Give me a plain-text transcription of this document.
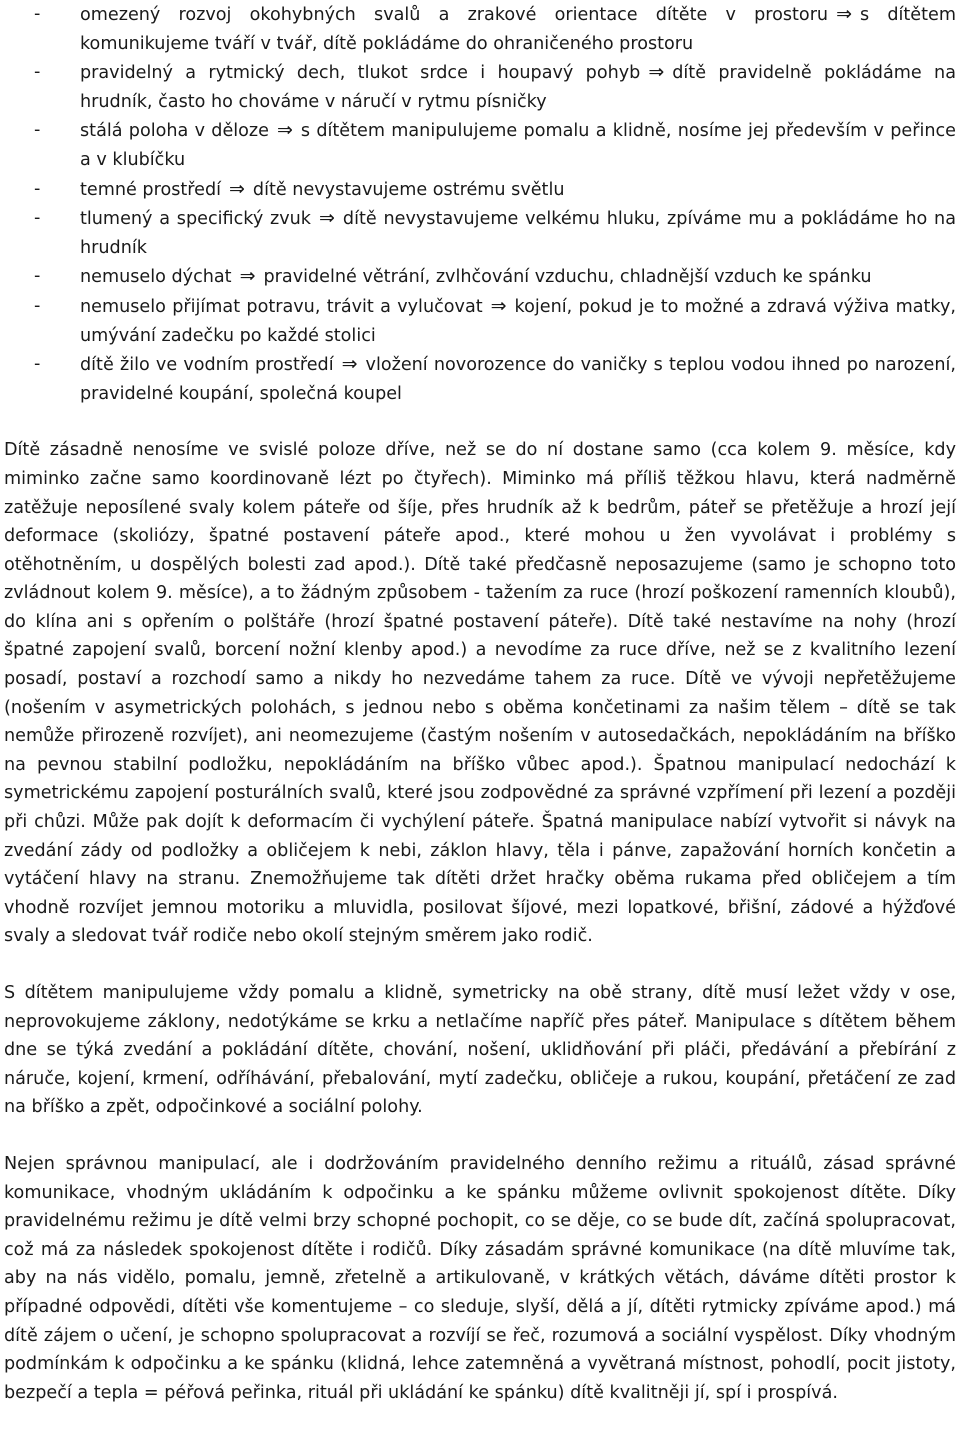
-	omezený rozvoj okohybných svalů a zrakové orientace dítěte v prostoru ⇒ s dítětem komunikujeme tváří v tvář, dítě pokládáme do ohraničeného prostoru
-	pravidelný a rytmický dech, tlukot srdce i houpavý pohyb ⇒ dítě pravidelně pokládáme na hrudník, často ho chováme v náručí v rytmu písničky
-	stálá poloha v děloze ⇒ s dítětem manipulujeme pomalu a klidně, nosíme jej především v peřince a v klubíčku
-	temné prostředí ⇒ dítě nevystavujeme ostrému světlu
-	tlumený a specifický zvuk ⇒ dítě nevystavujeme velkému hluku, zpíváme mu a pokládáme ho na hrudník
-	nemuselo dýchat ⇒ pravidelné větrání, zvlhčování vzduchu, chladnější vzduch ke spánku
-	nemuselo přijímat potravu, trávit a vylučovat ⇒ kojení, pokud je to možné a zdravá výživa matky, umývání zadečku po každé stolici
-	dítě žilo ve vodním prostředí ⇒ vložení novorozence do vaničky s teplou vodou ihned po narození, pravidelné koupání, společná koupel

Dítě zásadně nenosíme ve svislé poloze dříve, než se do ní dostane samo (cca kolem 9. měsíce, kdy miminko začne samo koordinovaně lézt po čtyřech). Miminko má příliš těžkou hlavu, která nadměrně zatěžuje neposílené svaly kolem páteře od šíje, přes hrudník až k bedrům, páteř se přetěžuje a hrozí její deformace (skoliózy, špatné postavení páteře apod., které mohou u žen vyvolávat i problémy s otěhotněním, u dospělých bolesti zad apod.). Dítě také předčasně neposazujeme (samo je schopno toto zvládnout kolem 9. měsíce), a to žádným způsobem - tažením za ruce (hrozí poškození ramenních kloubů), do klína ani s opřením o polštáře (hrozí špatné postavení páteře). Dítě také nestavíme na nohy (hrozí špatné zapojení svalů, borcení nožní klenby apod.) a nevodíme za ruce dříve, než se z kvalitního lezení posadí, postaví a rozchodí samo a nikdy ho nezvedáme tahem za ruce. Dítě ve vývoji nepřetěžujeme (nošením v asymetrických polohách, s jednou nebo s oběma končetinami za našim tělem – dítě se tak nemůže přirozeně rozvíjet), ani neomezujeme (častým nošením v autosedačkách, nepokládáním na bříško na pevnou stabilní podložku, nepokládáním na bříško vůbec apod.). Špatnou manipulací nedochází k symetrickému zapojení posturálních svalů, které jsou zodpovědné za správné vzpřímení při lezení a později při chůzi. Může pak dojít k deformacím či vychýlení páteře. Špatná manipulace nabízí vytvořit si návyk na zvedání zády od podložky a obličejem k nebi, záklon hlavy, těla i pánve, zapažování horních končetin a vytáčení hlavy na stranu. Znemožňujeme tak dítěti držet hračky oběma rukama před obličejem a tím vhodně rozvíjet jemnou motoriku a mluvidla, posilovat šíjové, mezi lopatkové, břišní, zádové a hýžďové svaly a sledovat tvář rodiče nebo okolí stejným směrem jako rodič.

S dítětem manipulujeme vždy pomalu a klidně, symetricky na obě strany, dítě musí ležet vždy v ose, neprovokujeme záklony, nedotýkáme se krku a netlačíme napříč přes páteř. Manipulace s dítětem během dne se týká zvedání a pokládání dítěte, chování, nošení, uklidňování při pláči, předávání a přebírání z náruče, kojení, krmení, odříhávání, přebalování, mytí zadečku, obličeje a rukou, koupání, přetáčení ze zad na bříško a zpět, odpočinkové a sociální polohy.

Nejen správnou manipulací, ale i dodržováním pravidelného denního režimu a rituálů, zásad správné komunikace, vhodným ukládáním k odpočinku a ke spánku můžeme ovlivnit spokojenost dítěte. Díky pravidelnému režimu je dítě velmi brzy schopné pochopit, co se děje, co se bude dít, začíná spolupracovat, což má za následek spokojenost dítěte i rodičů. Díky zásadám správné komunikace (na dítě mluvíme tak, aby na nás vidělo, pomalu, jemně, zřetelně a artikulovaně, v krátkých větách, dáváme dítěti prostor k případné odpovědi, dítěti vše komentujeme – co sleduje, slyší, dělá a jí, dítěti rytmicky zpíváme apod.) má dítě zájem o učení, je schopno spolupracovat a rozvíjí se řeč, rozumová a sociální vyspělost. Díky vhodným podmínkám k odpočinku a ke spánku (klidná, lehce zatemněná a vyvětraná místnost, pohodlí, pocit jistoty, bezpečí a tepla = péřová peřinka, rituál při ukládání ke spánku) dítě kvalitněji jí, spí i prospívá.
